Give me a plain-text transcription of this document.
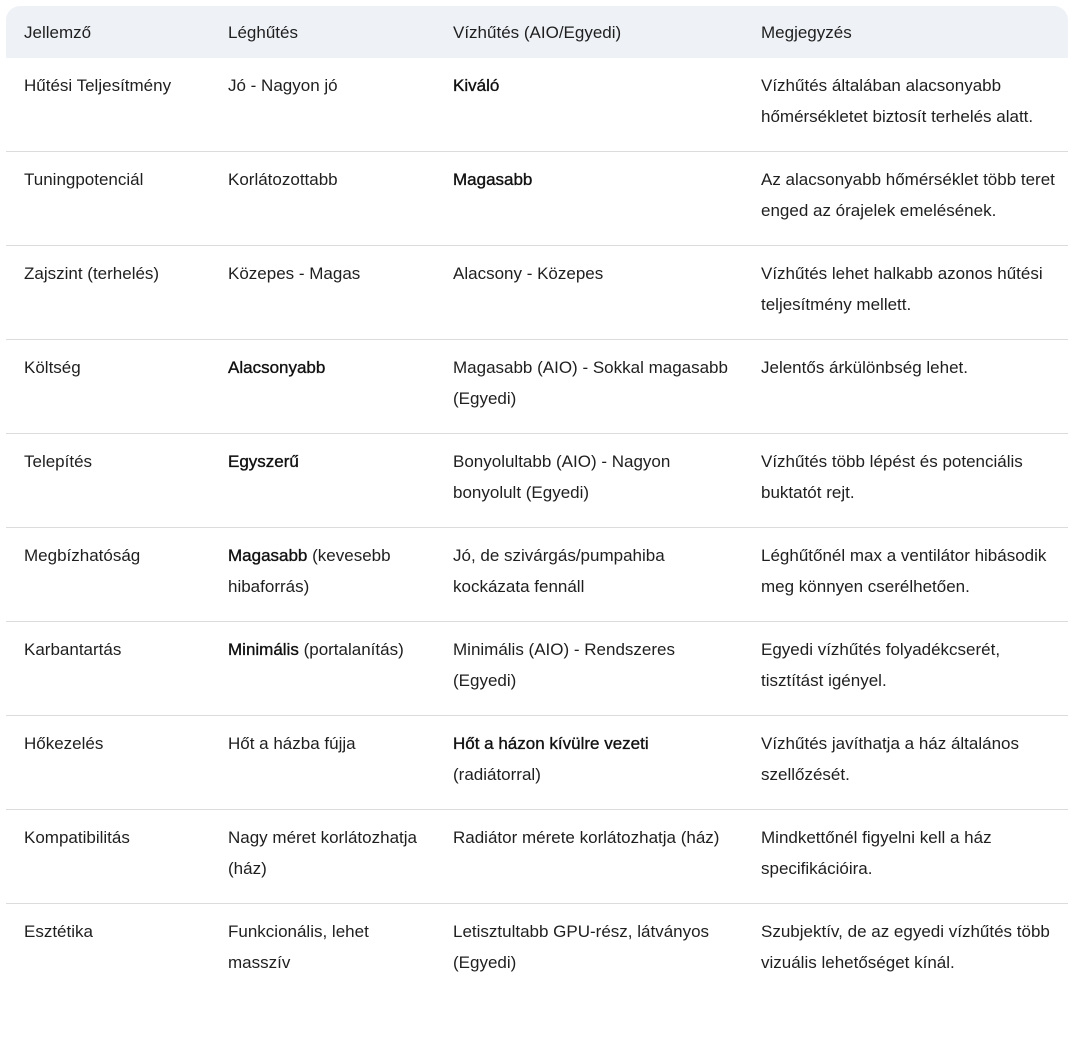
Jellemző	Léghűtés	Vízhűtés (AIO/Egyedi)	Megjegyzés
Hűtési Teljesítmény	Jó - Nagyon jó	Kiváló	Vízhűtés általában alacsonyabb hőmérsékletet biztosít terhelés alatt.
Tuningpotenciál	Korlátozottabb	Magasabb	Az alacsonyabb hőmérséklet több teret enged az órajelek emelésének.
Zajszint (terhelés)	Közepes - Magas	Alacsony - Közepes	Vízhűtés lehet halkabb azonos hűtési teljesítmény mellett.
Költség	Alacsonyabb	Magasabb (AIO) - Sokkal magasabb (Egyedi)	Jelentős árkülönbség lehet.
Telepítés	Egyszerű	Bonyolultabb (AIO) - Nagyon bonyolult (Egyedi)	Vízhűtés több lépést és potenciális buktatót rejt.
Megbízhatóság	Magasabb (kevesebb hibaforrás)	Jó, de szivárgás/pumpahiba kockázata fennáll	Léghűtőnél max a ventilátor hibásodik meg könnyen cserélhetően.
Karbantartás	Minimális (portalanítás)	Minimális (AIO) - Rendszeres (Egyedi)	Egyedi vízhűtés folyadékcserét, tisztítást igényel.
Hőkezelés	Hőt a házba fújja	Hőt a házon kívülre vezeti (radiátorral)	Vízhűtés javíthatja a ház általános szellőzését.
Kompatibilitás	Nagy méret korlátozhatja (ház)	Radiátor mérete korlátozhatja (ház)	Mindkettőnél figyelni kell a ház specifikációira.
Esztétika	Funkcionális, lehet masszív	Letisztultabb GPU-rész, látványos (Egyedi)	Szubjektív, de az egyedi vízhűtés több vizuális lehetőséget kínál.
